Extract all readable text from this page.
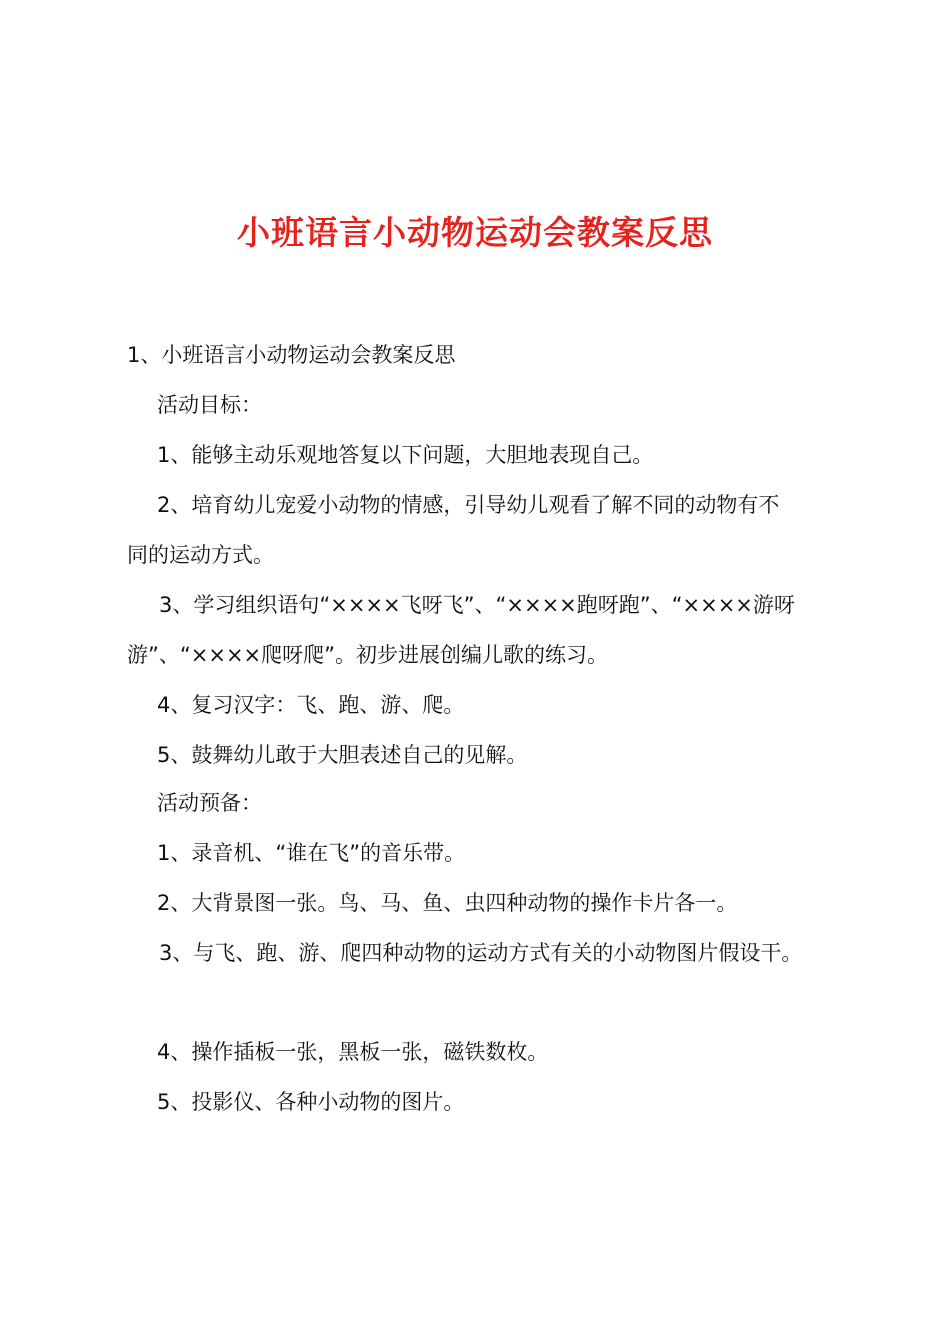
小班语言小动物运动会教案反思
1、小班语言小动物运动会教案反思
活动目标：
1、能够主动乐观地答复以下问题，大胆地表现自己。
2、培育幼儿宠爱小动物的情感，引导幼儿观看了解不同的动物有不
同的运动方式。
3、学习组织语句“××××飞呀飞”、“××××跑呀跑”、“××××游呀
游”、“××××爬呀爬”。初步进展创编儿歌的练习。
4、复习汉字：飞、跑、游、爬。
5、鼓舞幼儿敢于大胆表述自己的见解。
活动预备：
1、录音机、“谁在飞”的音乐带。
2、大背景图一张。鸟、马、鱼、虫四种动物的操作卡片各一。
3、与飞、跑、游、爬四种动物的运动方式有关的小动物图片假设干。
4、操作插板一张，黑板一张，磁铁数枚。
5、投影仪、各种小动物的图片。
